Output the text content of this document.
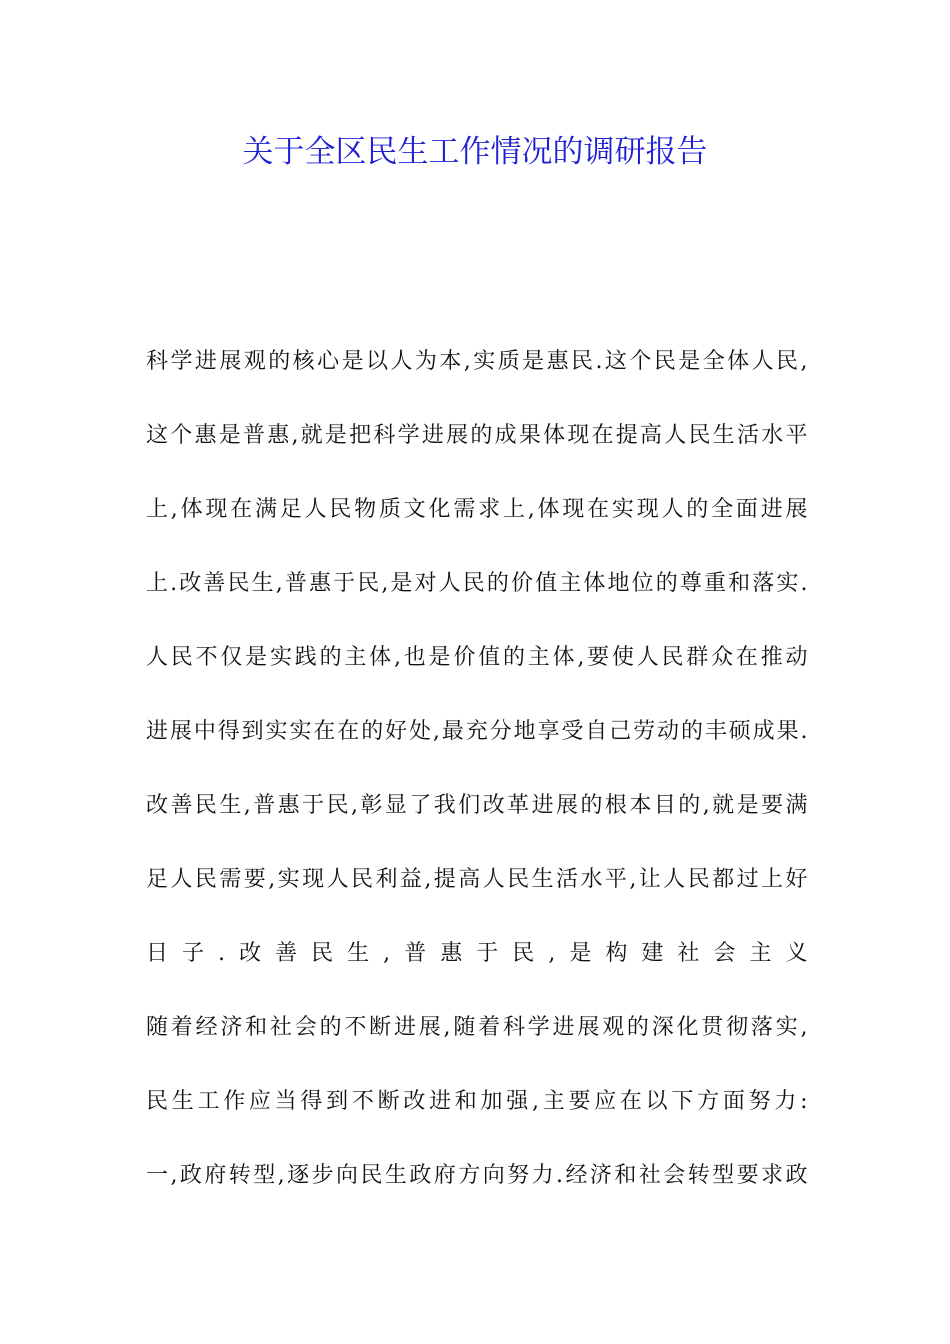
关于全区民生工作情况的调研报告
科学进展观的核心是以人为本,实质是惠民.这个民是全体人民,
这个惠是普惠,就是把科学进展的成果体现在提高人民生活水平
上,体现在满足人民物质文化需求上,体现在实现人的全面进展
上.改善民生,普惠于民,是对人民的价值主体地位的尊重和落实.
人民不仅是实践的主体,也是价值的主体,要使人民群众在推动
进展中得到实实在在的好处,最充分地享受自己劳动的丰硕成果.
改善民生,普惠于民,彰显了我们改革进展的根本目的,就是要满
足人民需要,实现人民利益,提高人民生活水平,让人民都过上好
日子.改善民生,普惠于民,是构建社会主义
随着经济和社会的不断进展,随着科学进展观的深化贯彻落实,
民生工作应当得到不断改进和加强,主要应在以下方面努力:
一,政府转型,逐步向民生政府方向努力.经济和社会转型要求政
